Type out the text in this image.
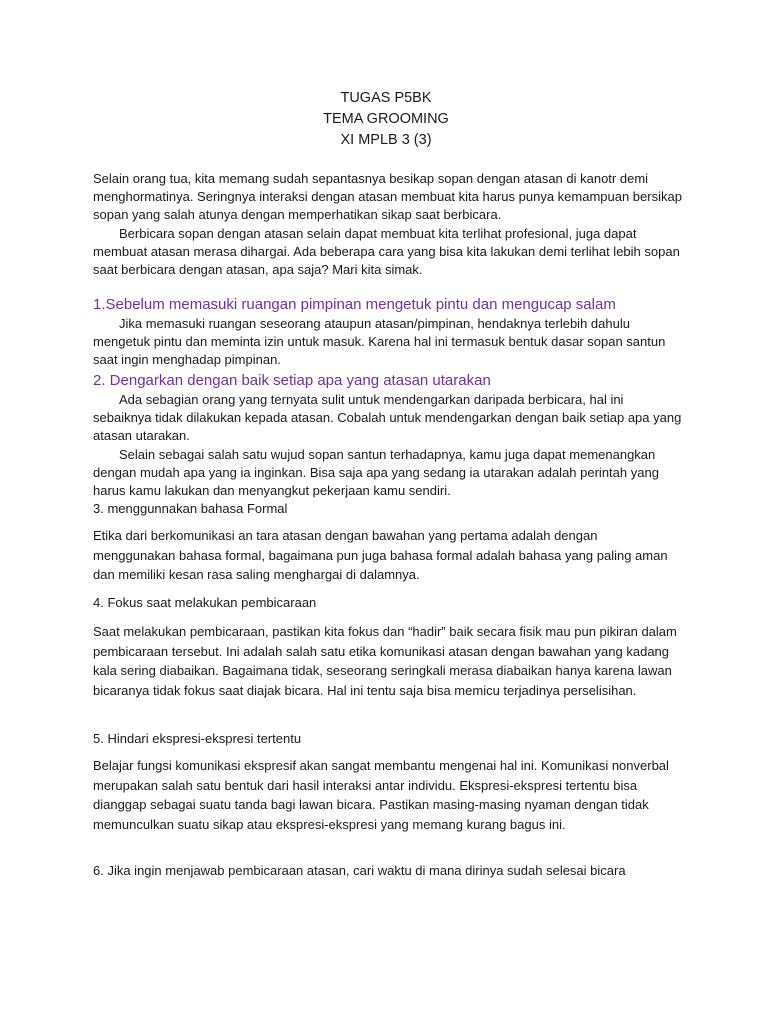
TUGAS P5BK

TEMA GROOMING

XI MPLB 3 (3)

Selain orang tua, kita memang sudah sepantasnya besikap sopan dengan atasan di kanotr demi menghormatinya. Seringnya interaksi dengan atasan membuat kita harus punya kemampuan bersikap sopan yang salah atunya dengan memperhatikan sikap saat berbicara.

Berbicara sopan dengan atasan selain dapat membuat kita terlihat profesional, juga dapat membuat atasan merasa dihargai. Ada beberapa cara yang bisa kita lakukan demi terlihat lebih sopan saat berbicara dengan atasan, apa saja? Mari kita simak.

1.Sebelum memasuki ruangan pimpinan mengetuk pintu dan mengucap salam

Jika memasuki ruangan seseorang ataupun atasan/pimpinan, hendaknya terlebih dahulu mengetuk pintu dan meminta izin untuk masuk. Karena hal ini termasuk bentuk dasar sopan santun saat ingin menghadap pimpinan.

2. Dengarkan dengan baik setiap apa yang atasan utarakan

Ada sebagian orang yang ternyata sulit untuk mendengarkan daripada berbicara, hal ini sebaiknya tidak dilakukan kepada atasan. Cobalah untuk mendengarkan dengan baik setiap apa yang atasan utarakan.

Selain sebagai salah satu wujud sopan santun terhadapnya, kamu juga dapat memenangkan dengan mudah apa yang ia inginkan. Bisa saja apa yang sedang ia utarakan adalah perintah yang harus kamu lakukan dan menyangkut pekerjaan kamu sendiri.

3. menggunnakan bahasa Formal

Etika dari berkomunikasi an tara atasan dengan bawahan yang pertama adalah dengan menggunakan bahasa formal, bagaimana pun juga bahasa formal adalah bahasa yang paling aman dan memiliki kesan rasa saling menghargai di dalamnya.

4. Fokus saat melakukan pembicaraan

Saat melakukan pembicaraan, pastikan kita fokus dan “hadir” baik secara fisik mau pun pikiran dalam pembicaraan tersebut. Ini adalah salah satu etika komunikasi atasan dengan bawahan yang kadang kala sering diabaikan. Bagaimana tidak, seseorang seringkali merasa diabaikan hanya karena lawan bicaranya tidak fokus saat diajak bicara. Hal ini tentu saja bisa memicu terjadinya perselisihan.

5. Hindari ekspresi-ekspresi tertentu

Belajar fungsi komunikasi ekspresif akan sangat membantu mengenai hal ini. Komunikasi nonverbal merupakan salah satu bentuk dari hasil interaksi antar individu. Ekspresi-ekspresi tertentu bisa dianggap sebagai suatu tanda bagi lawan bicara. Pastikan masing-masing nyaman dengan tidak memunculkan suatu sikap atau ekspresi-ekspresi yang memang kurang bagus ini.

6. Jika ingin menjawab pembicaraan atasan, cari waktu di mana dirinya sudah selesai bicara
